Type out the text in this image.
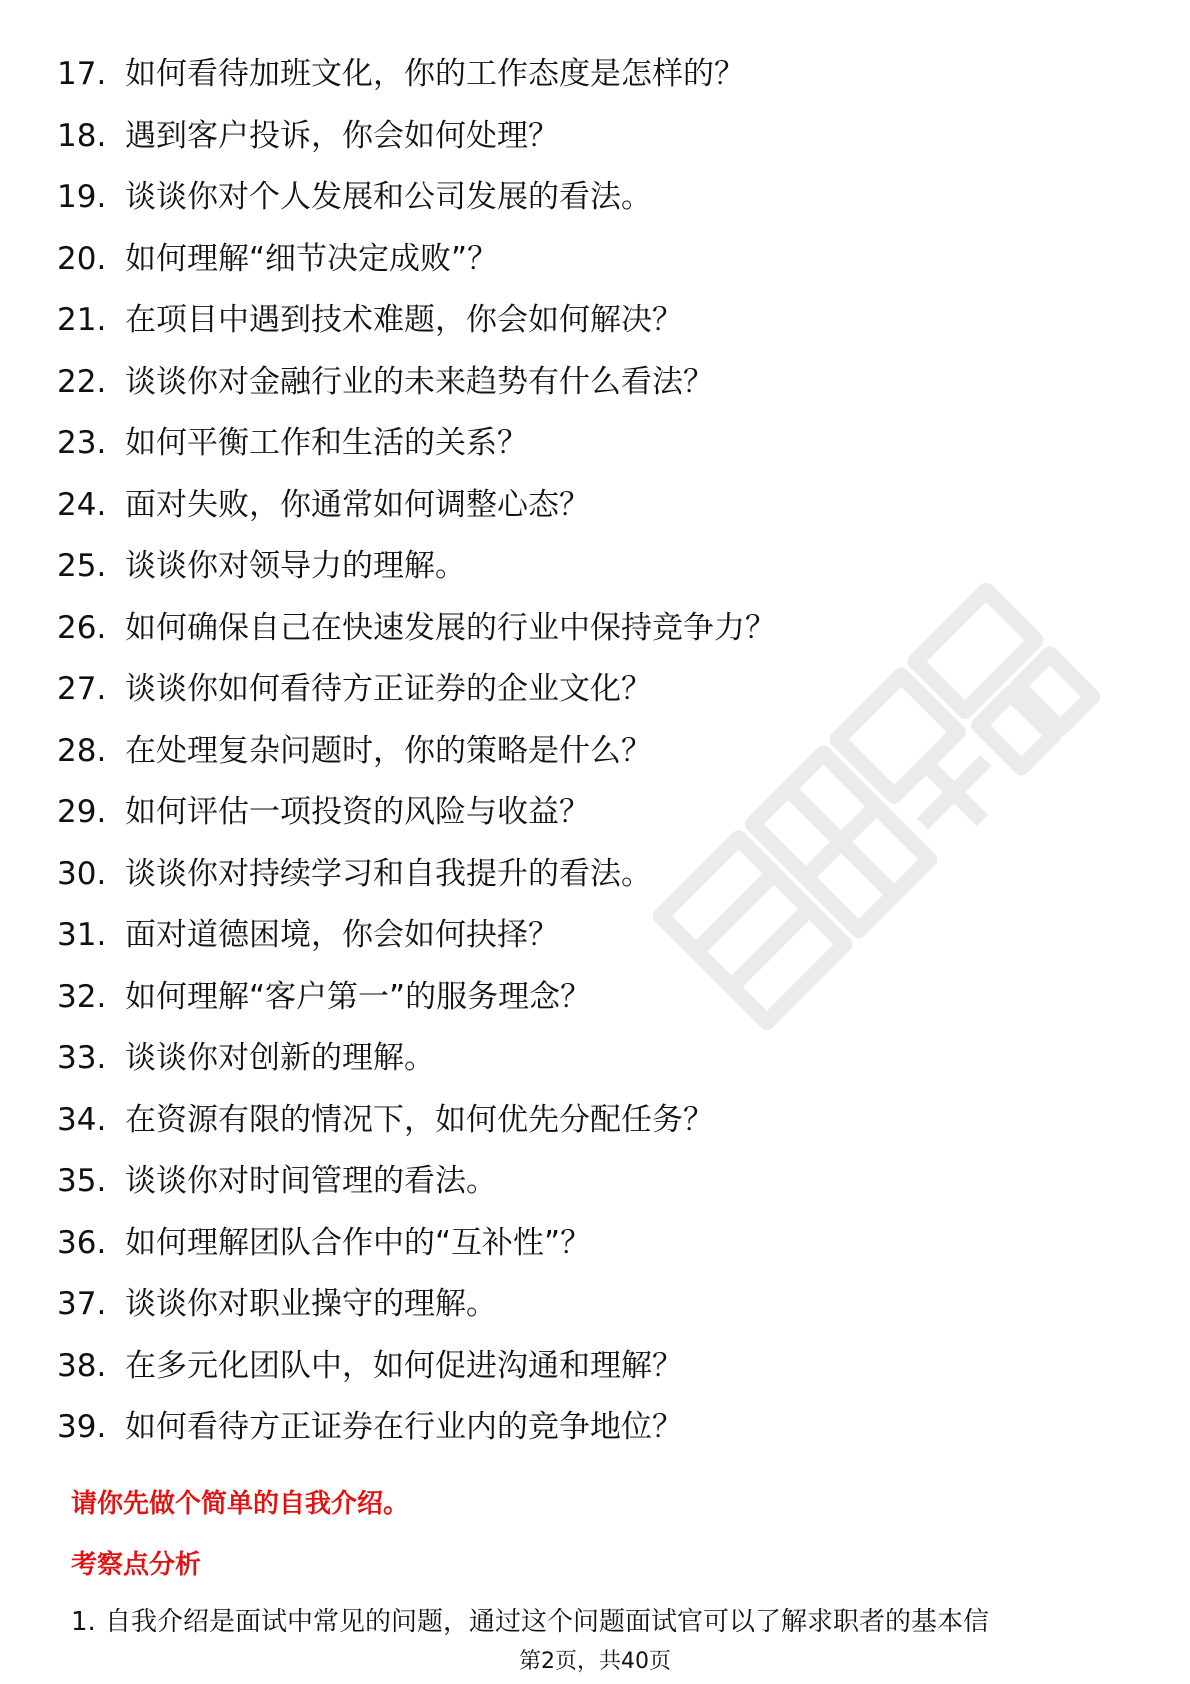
17. 如何看待加班文化，你的工作态度是怎样的？
18. 遇到客户投诉，你会如何处理？
19. 谈谈你对个人发展和公司发展的看法。
20. 如何理解“细节决定成败”？
21. 在项目中遇到技术难题，你会如何解决？
22. 谈谈你对金融行业的未来趋势有什么看法？
23. 如何平衡工作和生活的关系？
24. 面对失败，你通常如何调整心态？
25. 谈谈你对领导力的理解。
26. 如何确保自己在快速发展的行业中保持竞争力？
27. 谈谈你如何看待方正证券的企业文化？
28. 在处理复杂问题时，你的策略是什么？
29. 如何评估一项投资的风险与收益？
30. 谈谈你对持续学习和自我提升的看法。
31. 面对道德困境，你会如何抉择？
32. 如何理解“客户第一”的服务理念？
33. 谈谈你对创新的理解。
34. 在资源有限的情况下，如何优先分配任务？
35. 谈谈你对时间管理的看法。
36. 如何理解团队合作中的“互补性”？
37. 谈谈你对职业操守的理解。
38. 在多元化团队中，如何促进沟通和理解？
39. 如何看待方正证券在行业内的竞争地位？
请你先做个简单的自我介绍。
考察点分析
1. 自我介绍是面试中常见的问题，通过这个问题面试官可以了解求职者的基本信
第2页，共40页
